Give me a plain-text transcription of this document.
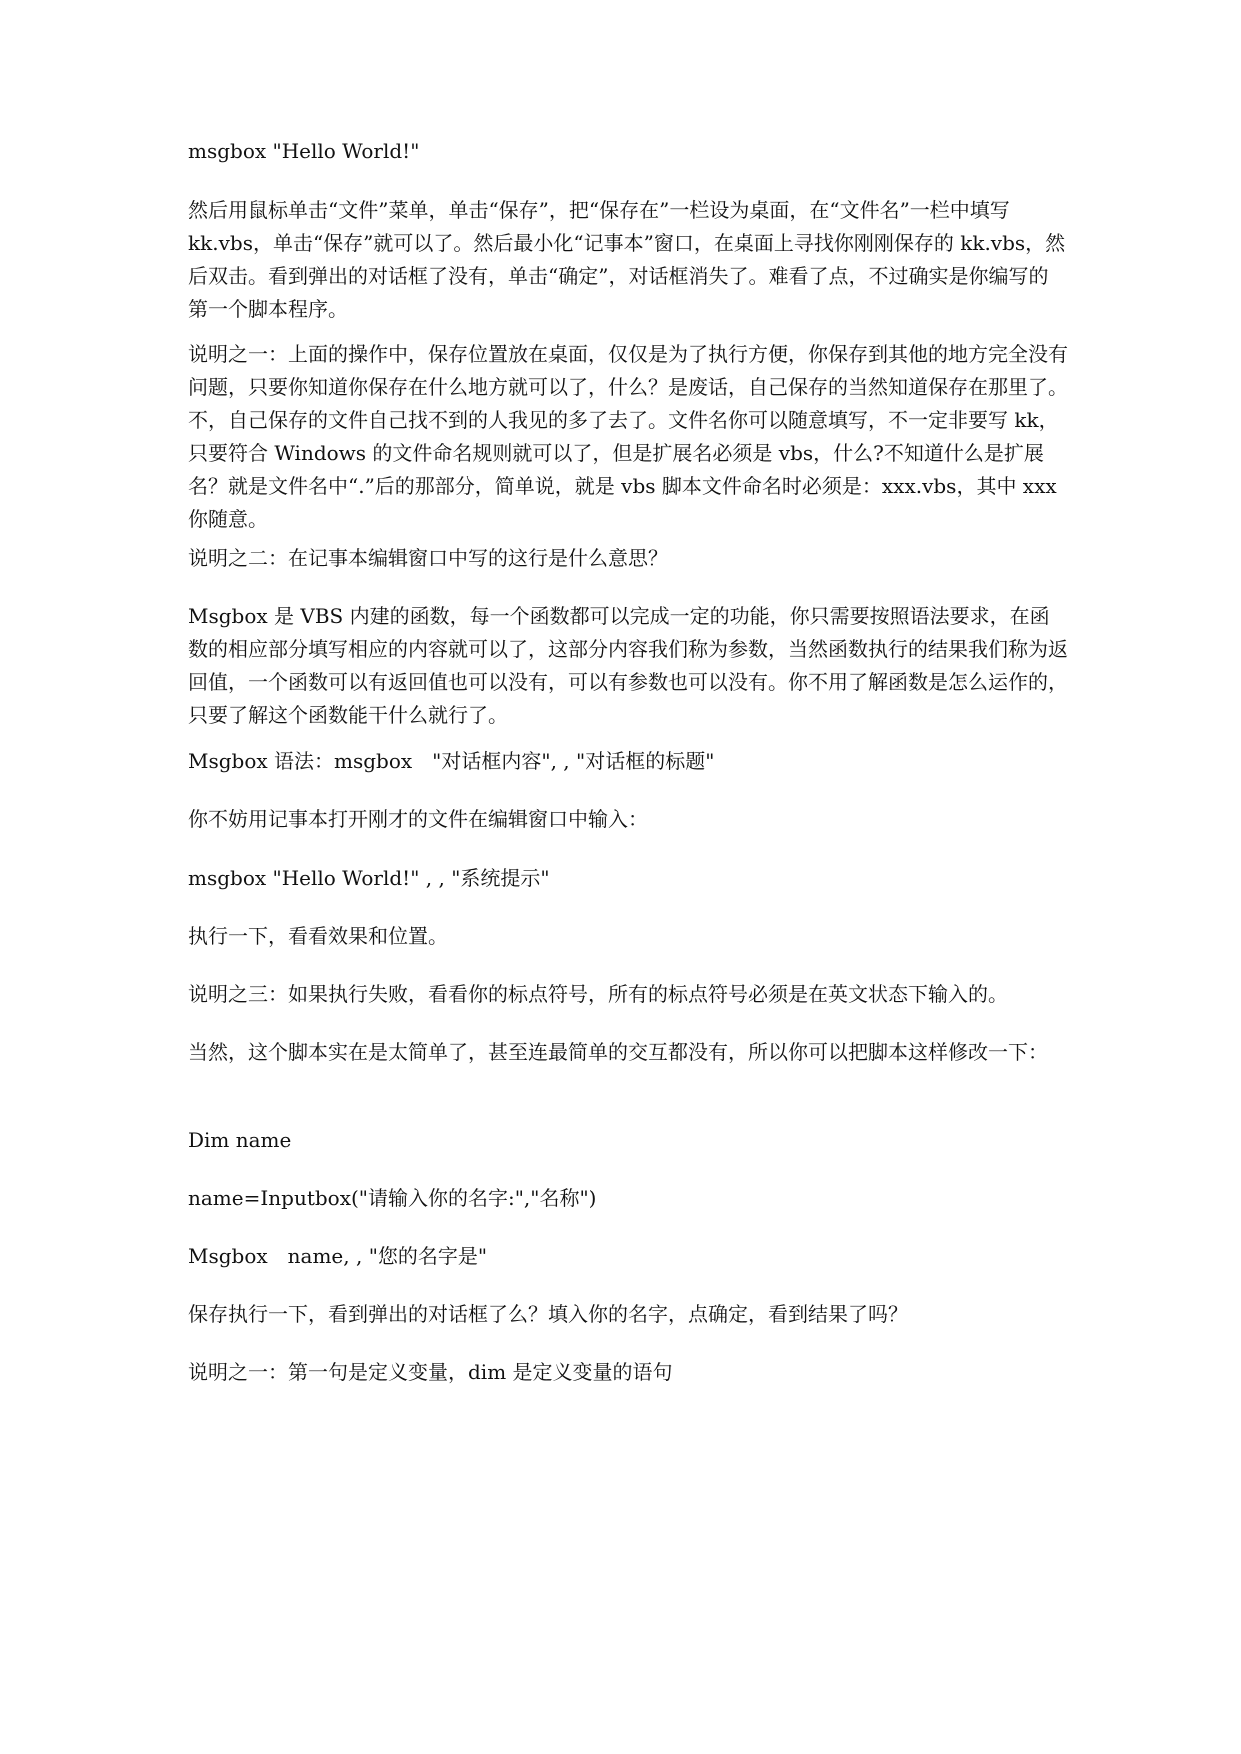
msgbox "Hello World!"

然后用鼠标单击“文件”菜单，单击“保存”，把“保存在”一栏设为桌面，在“文件名”一栏中填写 kk.vbs，单击“保存”就可以了。然后最小化“记事本”窗口，在桌面上寻找你刚刚保存的 kk.vbs，然后双击。看到弹出的对话框了没有，单击“确定”，对话框消失了。难看了点，不过确实是你编写的第一个脚本程序。

说明之一：上面的操作中，保存位置放在桌面，仅仅是为了执行方便，你保存到其他的地方完全没有问题，只要你知道你保存在什么地方就可以了，什么？是废话，自己保存的当然知道保存在那里了。不，自己保存的文件自己找不到的人我见的多了去了。文件名你可以随意填写，不一定非要写 kk，只要符合 Windows 的文件命名规则就可以了，但是扩展名必须是 vbs，什么?不知道什么是扩展名？就是文件名中“.”后的那部分，简单说，就是 vbs 脚本文件命名时必须是：xxx.vbs，其中 xxx 你随意。

说明之二：在记事本编辑窗口中写的这行是什么意思？

Msgbox 是 VBS 内建的函数，每一个函数都可以完成一定的功能，你只需要按照语法要求，在函数的相应部分填写相应的内容就可以了，这部分内容我们称为参数，当然函数执行的结果我们称为返回值，一个函数可以有返回值也可以没有，可以有参数也可以没有。你不用了解函数是怎么运作的，只要了解这个函数能干什么就行了。

Msgbox 语法：msgbox　"对话框内容", , "对话框的标题"

你不妨用记事本打开刚才的文件在编辑窗口中输入：

msgbox "Hello World!" , , "系统提示"

执行一下，看看效果和位置。

说明之三：如果执行失败，看看你的标点符号，所有的标点符号必须是在英文状态下输入的。

当然，这个脚本实在是太简单了，甚至连最简单的交互都没有，所以你可以把脚本这样修改一下：

Dim name

name=Inputbox("请输入你的名字:","名称")

Msgbox　name, , "您的名字是"

保存执行一下，看到弹出的对话框了么？填入你的名字，点确定，看到结果了吗？

说明之一：第一句是定义变量，dim 是定义变量的语句
